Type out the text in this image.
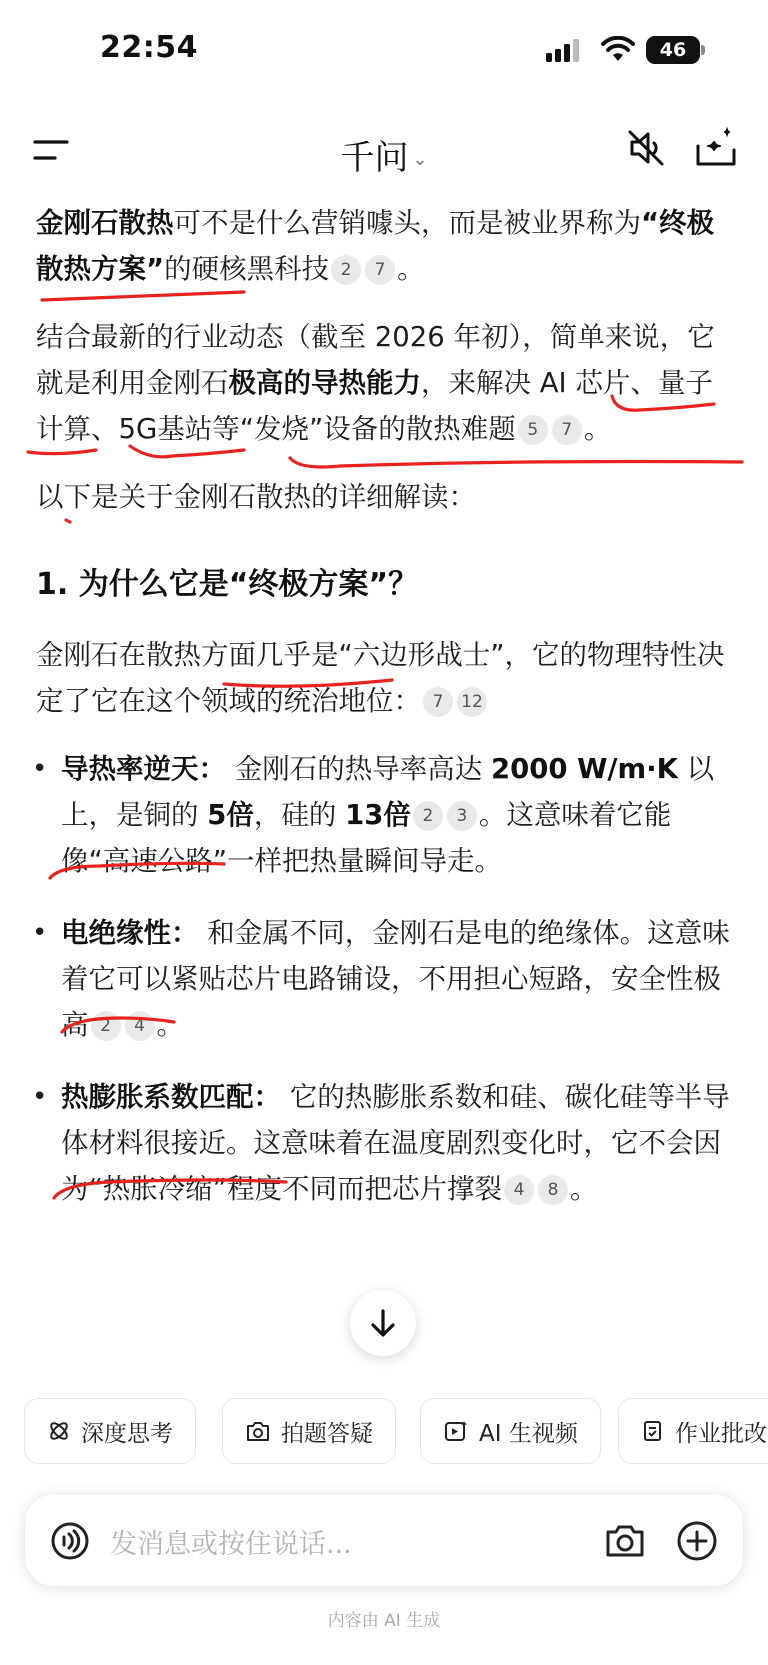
22:54	46
千问 ⌄

金刚石散热可不是什么营销噱头，而是被业界称为“终极散热方案”的硬核黑科技 2 7 。

结合最新的行业动态（截至 2026 年初），简单来说，它就是利用金刚石极高的导热能力，来解决 AI 芯片、量子计算、5G基站等“发烧”设备的散热难题 5 7 。

以下是关于金刚石散热的详细解读：

1. 为什么它是“终极方案”？

金刚石在散热方面几乎是“六边形战士”，它的物理特性决定了它在这个领域的统治地位： 7 12

• 导热率逆天： 金刚石的热导率高达 2000 W/m·K 以上，是铜的 5倍，硅的 13倍 2 3 。这意味着它能像“高速公路”一样把热量瞬间导走。
• 电绝缘性： 和金属不同，金刚石是电的绝缘体。这意味着它可以紧贴芯片电路铺设，不用担心短路，安全性极高 2 4 。
• 热膨胀系数匹配： 它的热膨胀系数和硅、碳化硅等半导体材料很接近。这意味着在温度剧烈变化时，它不会因为“热胀冷缩”程度不同而把芯片撑裂 4 8 。
深度思考	拍题答疑	AI 生视频	作业批改
发消息或按住说话...
内容由 AI 生成
